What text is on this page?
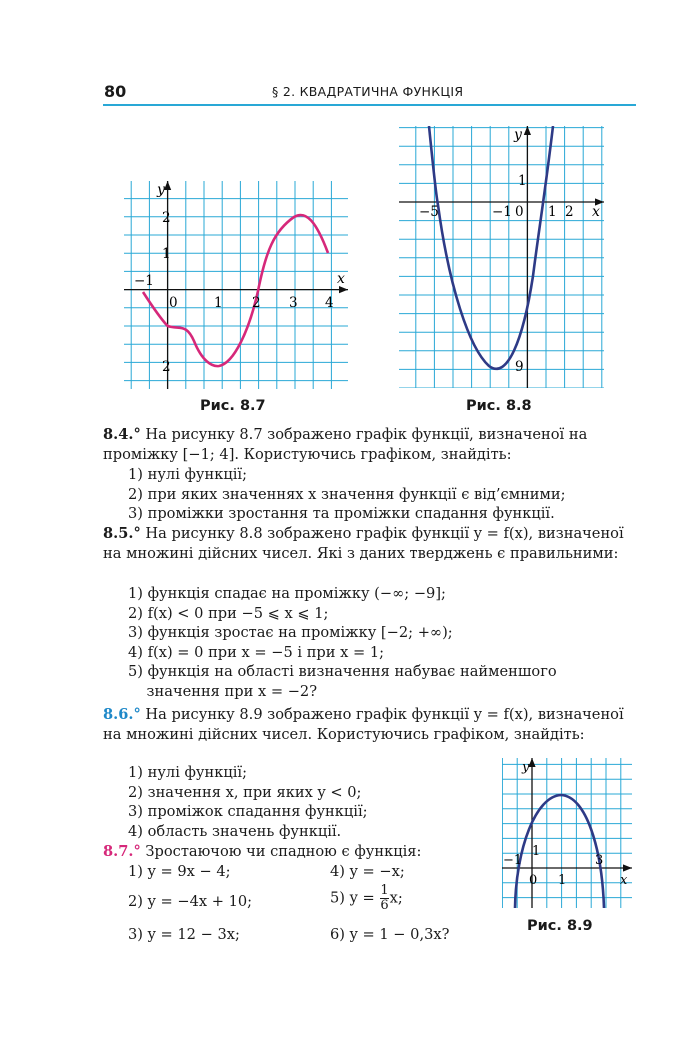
80	§ 2. КВАДРАТИЧНА ФУНКЦІЯ
x
y
−1
0	1 2 3 4
2
1
2
Рис. 8.7
x
y
−5	−1 0 1 2
1
9
Рис. 8.8
8.4.° На рисунку 8.7 зображено графік функції, визначеної на проміжку [−1; 4]. Користуючись графіком, знайдіть:
1) нулі функції;
2) при яких значеннях x значення функції є від’ємними;
3) проміжки зростання та проміжки спадання функції.
8.5.° На рисунку 8.8 зображено графік функції y = f(x), визначеної на множині дійсних чисел. Які з даних тверджень є правильними:
1) функція спадає на проміжку (−∞; −9];
2) f(x) < 0 при −5 ⩽ x ⩽ 1;
3) функція зростає на проміжку [−2; +∞);
4) f(x) = 0 при x = −5 і при x = 1;
5) функція на області визначення набуває найменшого
значення при x = −2?
8.6.° На рисунку 8.9 зображено графік функції y = f(x), визначеної на множині дійсних чисел. Користуючись графіком, знайдіть:
1) нулі функції;
2) значення x, при яких y < 0;
3) проміжок спадання функції;
4) область значень функції.
8.7.° Зростаючою чи спадною є функція:
1) y = 9x − 4;
2) y = −4x + 10;
3) y = 12 − 3x;
4) y = −x;
5) $y = \frac{1}{6} x$;
6) y = 1 − 0,3x?
x
y
−1
0 1
3
1
Рис. 8.9
